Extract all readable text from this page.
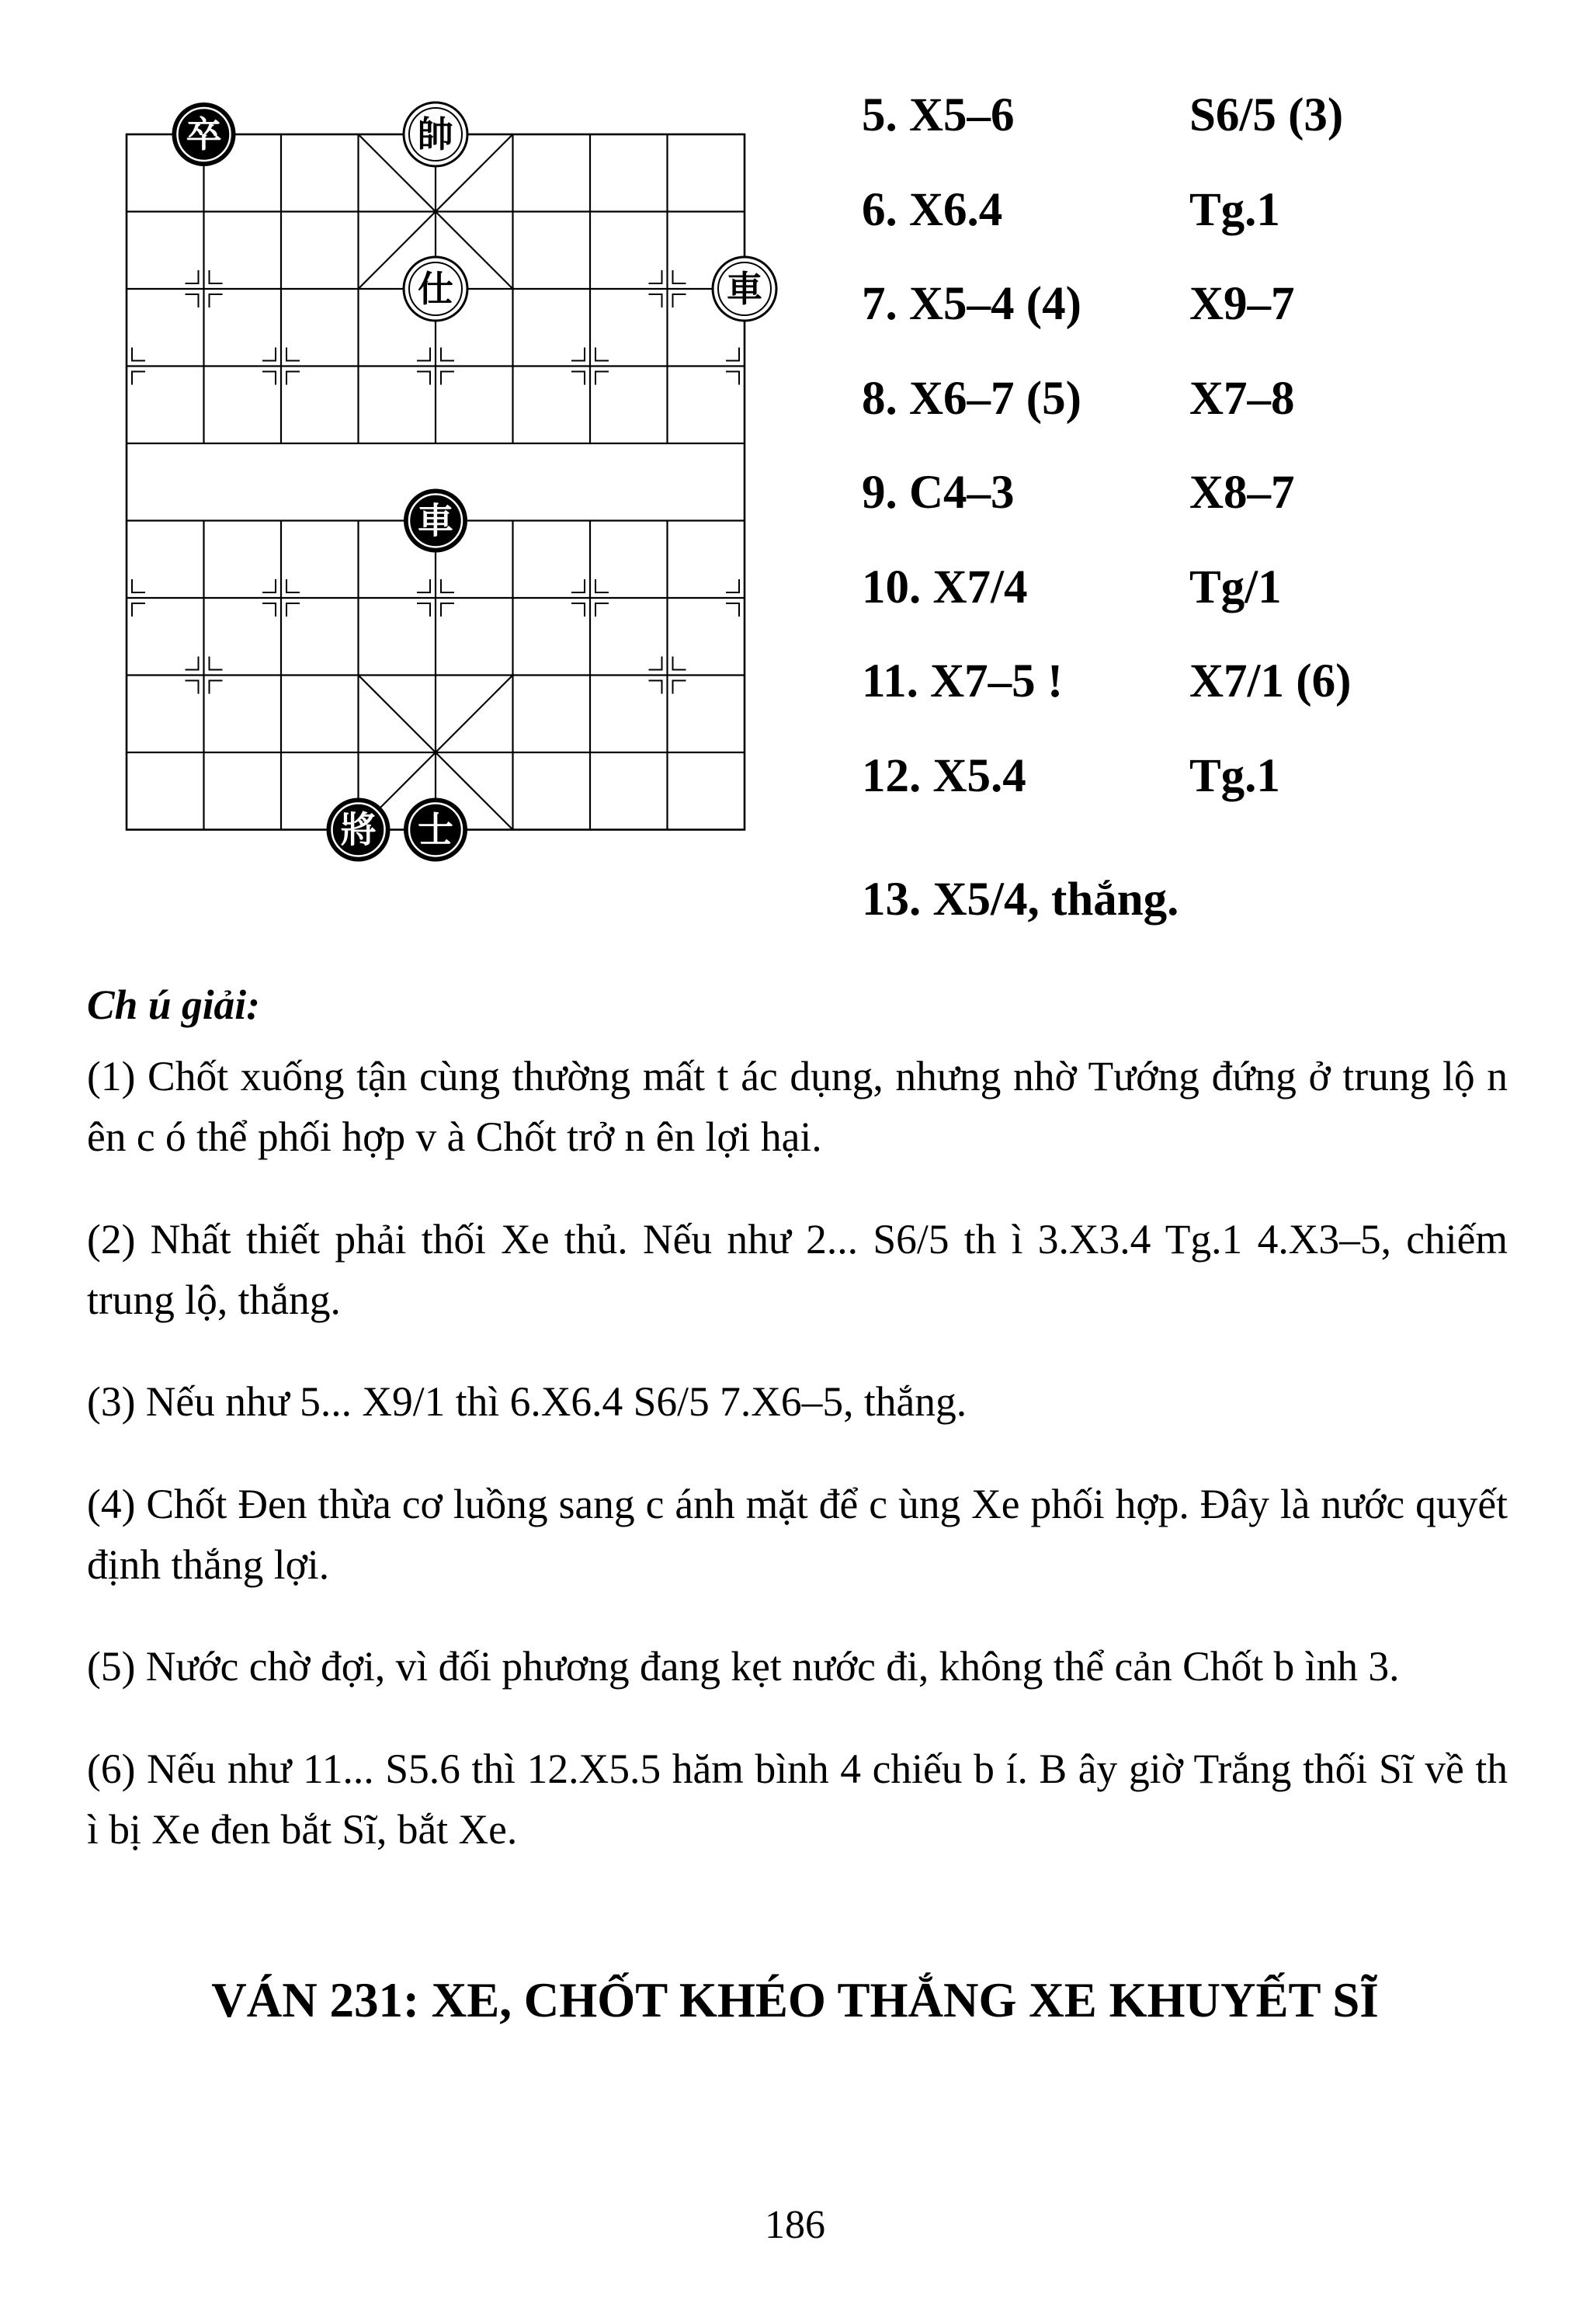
卒	帥
仕	車
車
將 士
5. X5–6	S6/5 (3)
6. X6.4	Tg.1
7. X5–4 (4) X9–7
8. X6–7 (5) X7–8
9. C4–3	X8–7
10. X7/4	Tg/1
11. X7–5 !	X7/1 (6)
12. X5.4	Tg.1
13. X5/4, thắng.
Ch ú giải:

(1) Chốt xuống tận cùng thường mất t ác dụng, nhưng nhờ Tướng đứng ở trung lộ n ên c ó thể phối hợp v à Chốt trở n ên lợi hại.

(2) Nhất thiết phải thối Xe thủ. Nếu như 2... S6/5 th ì 3.X3.4 Tg.1 4.X3–5, chiếm trung lộ, thắng.

(3) Nếu như 5... X9/1 thì 6.X6.4 S6/5 7.X6–5, thắng.

(4) Chốt Đen thừa cơ luồng sang c ánh mặt để c ùng Xe phối hợp. Đây là nước quyết định thắng lợi.

(5) Nước chờ đợi, vì đối phương đang kẹt nước đi, không thể cản Chốt b ình 3.

(6) Nếu như 11... S5.6 thì 12.X5.5 hăm bình 4 chiếu b í. B ây giờ Trắng thối Sĩ về th ì bị Xe đen bắt Sĩ, bắt Xe.

VÁN 231: XE, CHỐT KHÉO THẮNG XE KHUYẾT SĨ
186
